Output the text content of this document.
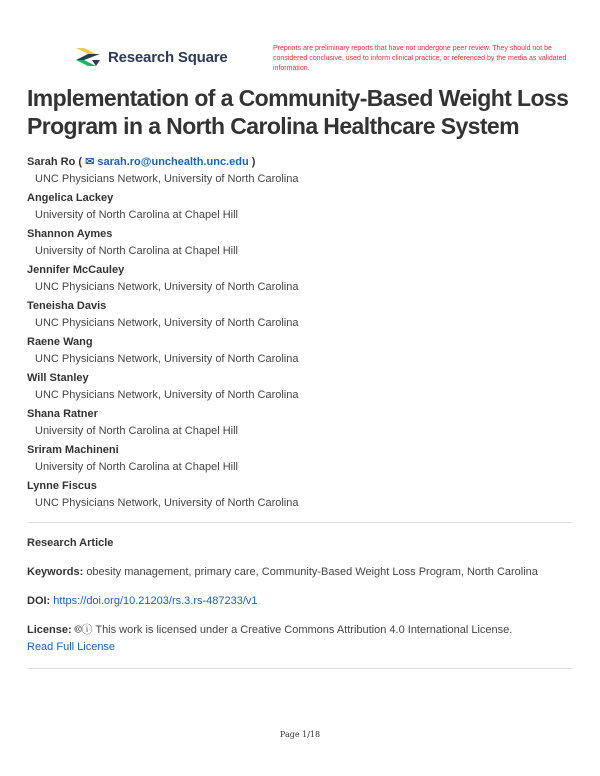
Research Square	Preprints are preliminary reports that have not undergone peer review. They should not be considered conclusive, used to inform clinical practice, or referenced by the media as validated information.
Implementation of a Community-Based Weight Loss Program in a North Carolina Healthcare System
Sarah Ro ( ✉ sarah.ro@unchealth.unc.edu )
UNC Physicians Network, University of North Carolina
Angelica Lackey
University of North Carolina at Chapel Hill
Shannon Aymes
University of North Carolina at Chapel Hill
Jennifer McCauley
UNC Physicians Network, University of North Carolina
Teneisha Davis
UNC Physicians Network, University of North Carolina
Raene Wang
UNC Physicians Network, University of North Carolina
Will Stanley
UNC Physicians Network, University of North Carolina
Shana Ratner
University of North Carolina at Chapel Hill
Sriram Machineni
University of North Carolina at Chapel Hill
Lynne Fiscus
UNC Physicians Network, University of North Carolina
Research Article
Keywords: obesity management, primary care, Community-Based Weight Loss Program, North Carolina
DOI: https://doi.org/10.21203/rs.3.rs-487233/v1
License: 🅭ⓘ This work is licensed under a Creative Commons Attribution 4.0 International License.
Read Full License
Page 1/18
